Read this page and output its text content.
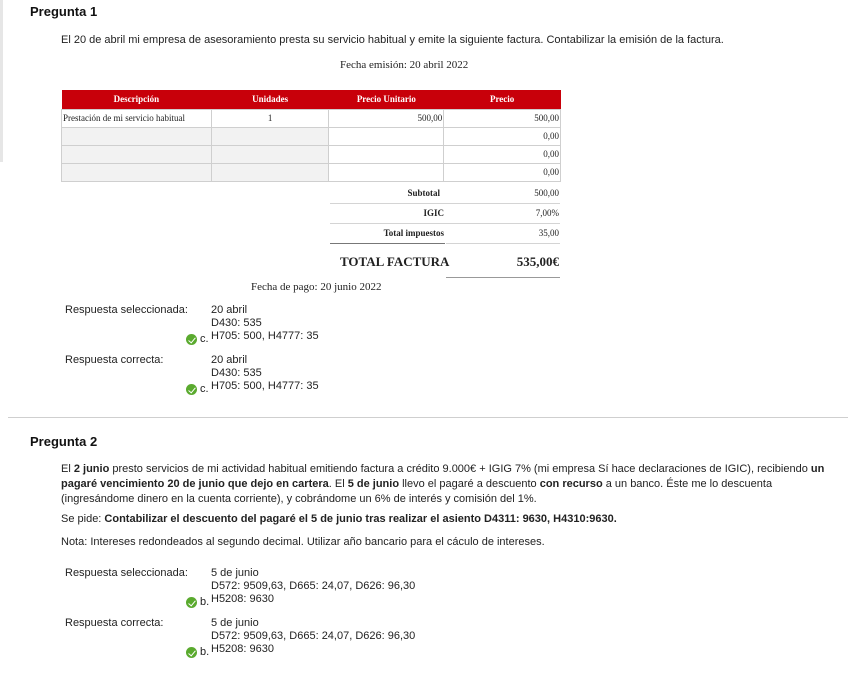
Pregunta 1
El 20 de abril mi empresa de asesoramiento presta su servicio habitual y emite la siguiente factura. Contabilizar la emisión de la factura.
Fecha emisión: 20 abril 2022
Descripción	Unidades	Precio Unitario	Precio
Prestación de mi servicio habitual	1	500,00	500,00
			0,00
			0,00
			0,00
Subtotal	500,00
IGIC	7,00%
Total impuestos	35,00
TOTAL FACTURA	535,00€
Fecha de pago: 20 junio 2022
Respuesta seleccionada: 20 abril
D430: 535
H705: 500, H4777: 35
c.
Respuesta correcta:	20 abril
D430: 535
H705: 500, H4777: 35
c.
Pregunta 2
El 2 junio presto servicios de mi actividad habitual emitiendo factura a crédito 9.000€ + IGIG 7% (mi empresa Sí hace declaraciones de IGIC), recibiendo un pagaré vencimiento 20 de junio que dejo en cartera. El 5 de junio llevo el pagaré a descuento con recurso a un banco. Éste me lo descuenta (ingresándome dinero en la cuenta corriente), y cobrándome un 6% de interés y comisión del 1%.
Se pide: Contabilizar el descuento del pagaré el 5 de junio tras realizar el asiento D4311: 9630, H4310:9630.
Nota: Intereses redondeados al segundo decimal. Utilizar año bancario para el cáculo de intereses.
Respuesta seleccionada: 5 de junio
D572: 9509,63, D665: 24,07, D626: 96,30
H5208: 9630
b.
Respuesta correcta:	5 de junio
D572: 9509,63, D665: 24,07, D626: 96,30
H5208: 9630
b.
